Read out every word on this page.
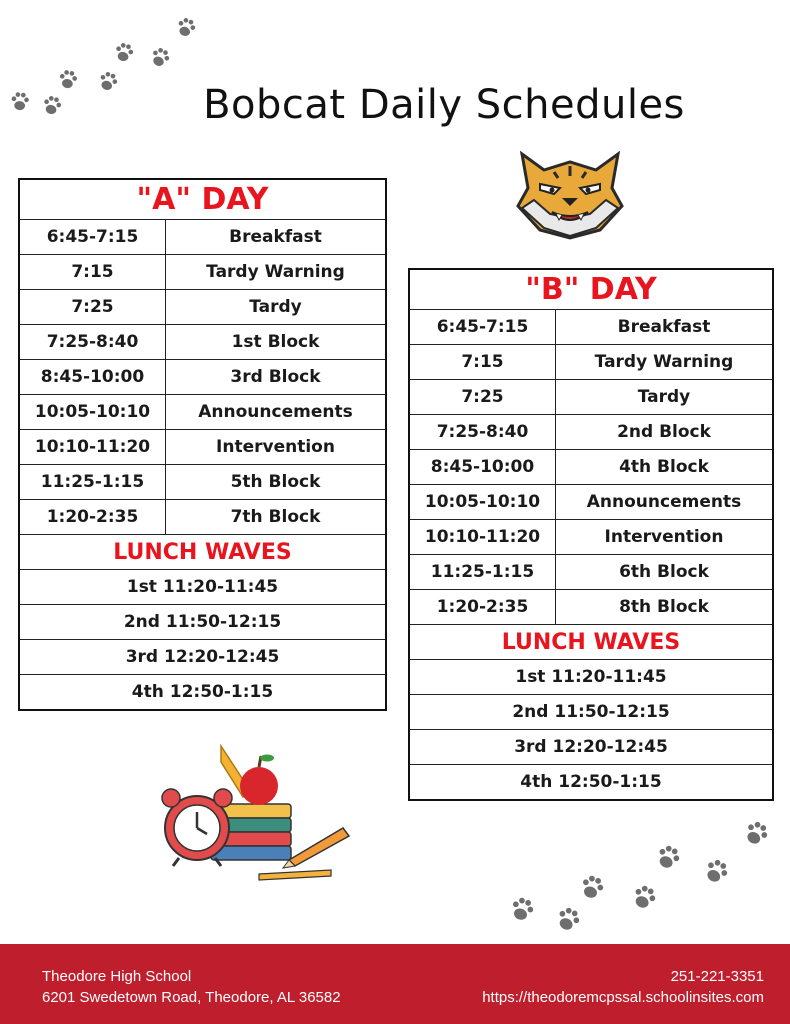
Bobcat Daily Schedules
"A" DAY	
6:45-7:15	Breakfast
7:15	Tardy Warning
7:25	Tardy
7:25-8:40	1st Block
8:45-10:00	3rd Block
10:05-10:10	Announcements
10:10-11:20	Intervention
11:25-1:15	5th Block
1:20-2:35	7th Block
LUNCH WAVES	
1st 11:20-11:45	
2nd 11:50-12:15	
3rd 12:20-12:45	
4th 12:50-1:15	
"B" DAY	
6:45-7:15	Breakfast
7:15	Tardy Warning
7:25	Tardy
7:25-8:40	2nd Block
8:45-10:00	4th Block
10:05-10:10	Announcements
10:10-11:20	Intervention
11:25-1:15	6th Block
1:20-2:35	8th Block
LUNCH WAVES	
1st 11:20-11:45	
2nd 11:50-12:15	
3rd 12:20-12:45	
4th 12:50-1:15	
Theodore High School
6201 Swedetown Road, Theodore, AL 36582
251-221-3351
https://theodoremcpssal.schoolinsites.com
